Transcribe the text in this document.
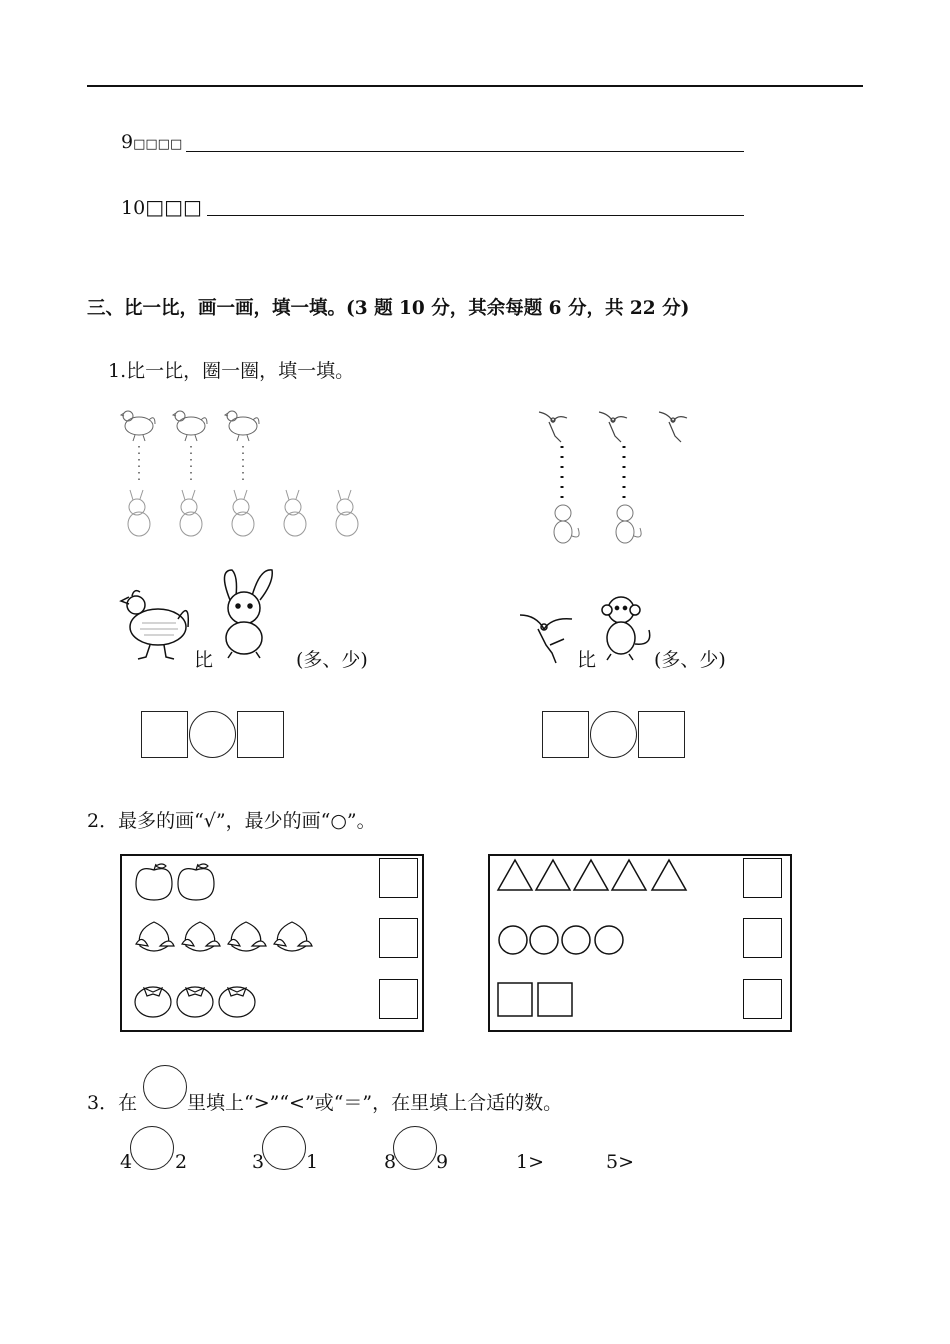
9□□□□
10□□□
三、比一比，画一画，填一填。(3 题 10 分，其余每题 6 分，共 22 分)
1.比一比，圈一圈，填一填。
比	(多、少)	比	(多、少)
2．最多的画“√”，最少的画“○”。
3．在	里填上“>”“<”或“＝”，在里填上合适的数。
4 2	3 1	8 9	1>	5>
